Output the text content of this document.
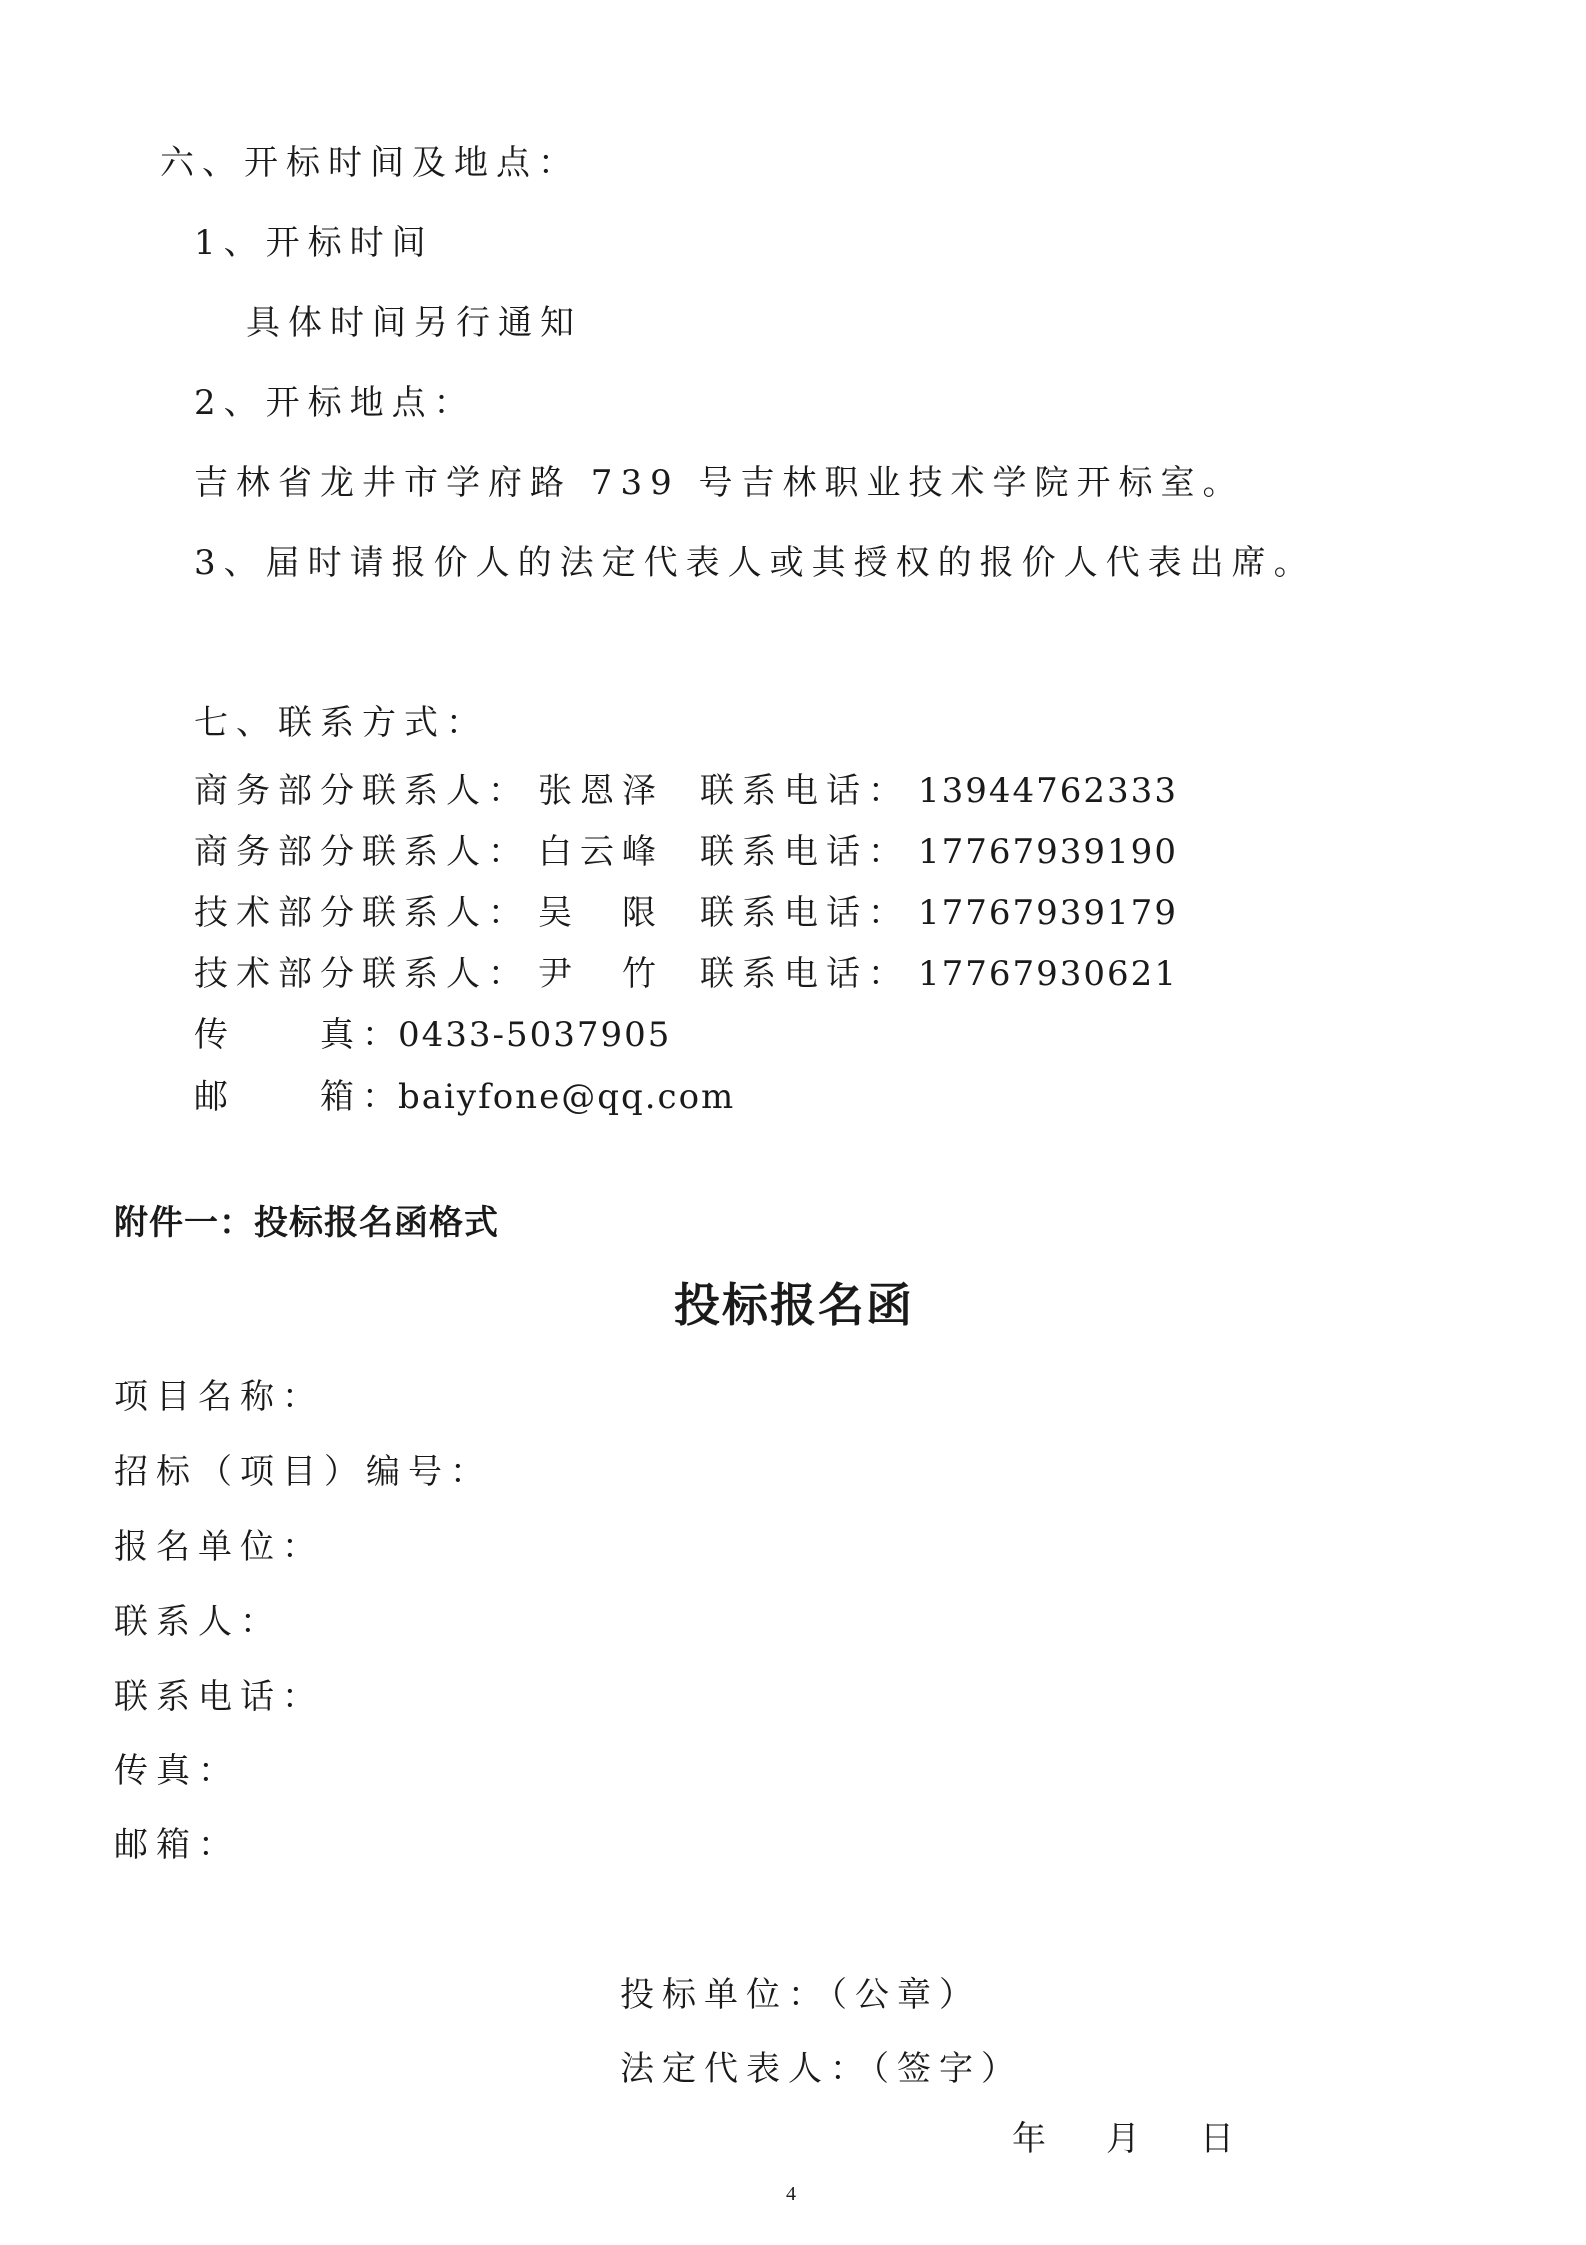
六、开标时间及地点：
1、开标时间
具体时间另行通知
2、开标地点：
吉林省龙井市学府路 739 号吉林职业技术学院开标室。
3、届时请报价人的法定代表人或其授权的报价人代表出席。
七、联系方式：
商务部分联系人： 张恩泽 联系电话： 13944762333
商务部分联系人： 白云峰 联系电话： 17767939190
技术部分联系人： 吴　限 联系电话： 17767939179
技术部分联系人： 尹　竹 联系电话： 17767930621
传 真：
0433-5037905
邮 箱：
baiyfone@qq.com
附件一：投标报名函格式
投标报名函
项目名称：
招标（项目）编号：
报名单位：
联系人：
联系电话：
传真：
邮箱：
投标单位：（公章）
法定代表人：（签字）
年 月 日
4
